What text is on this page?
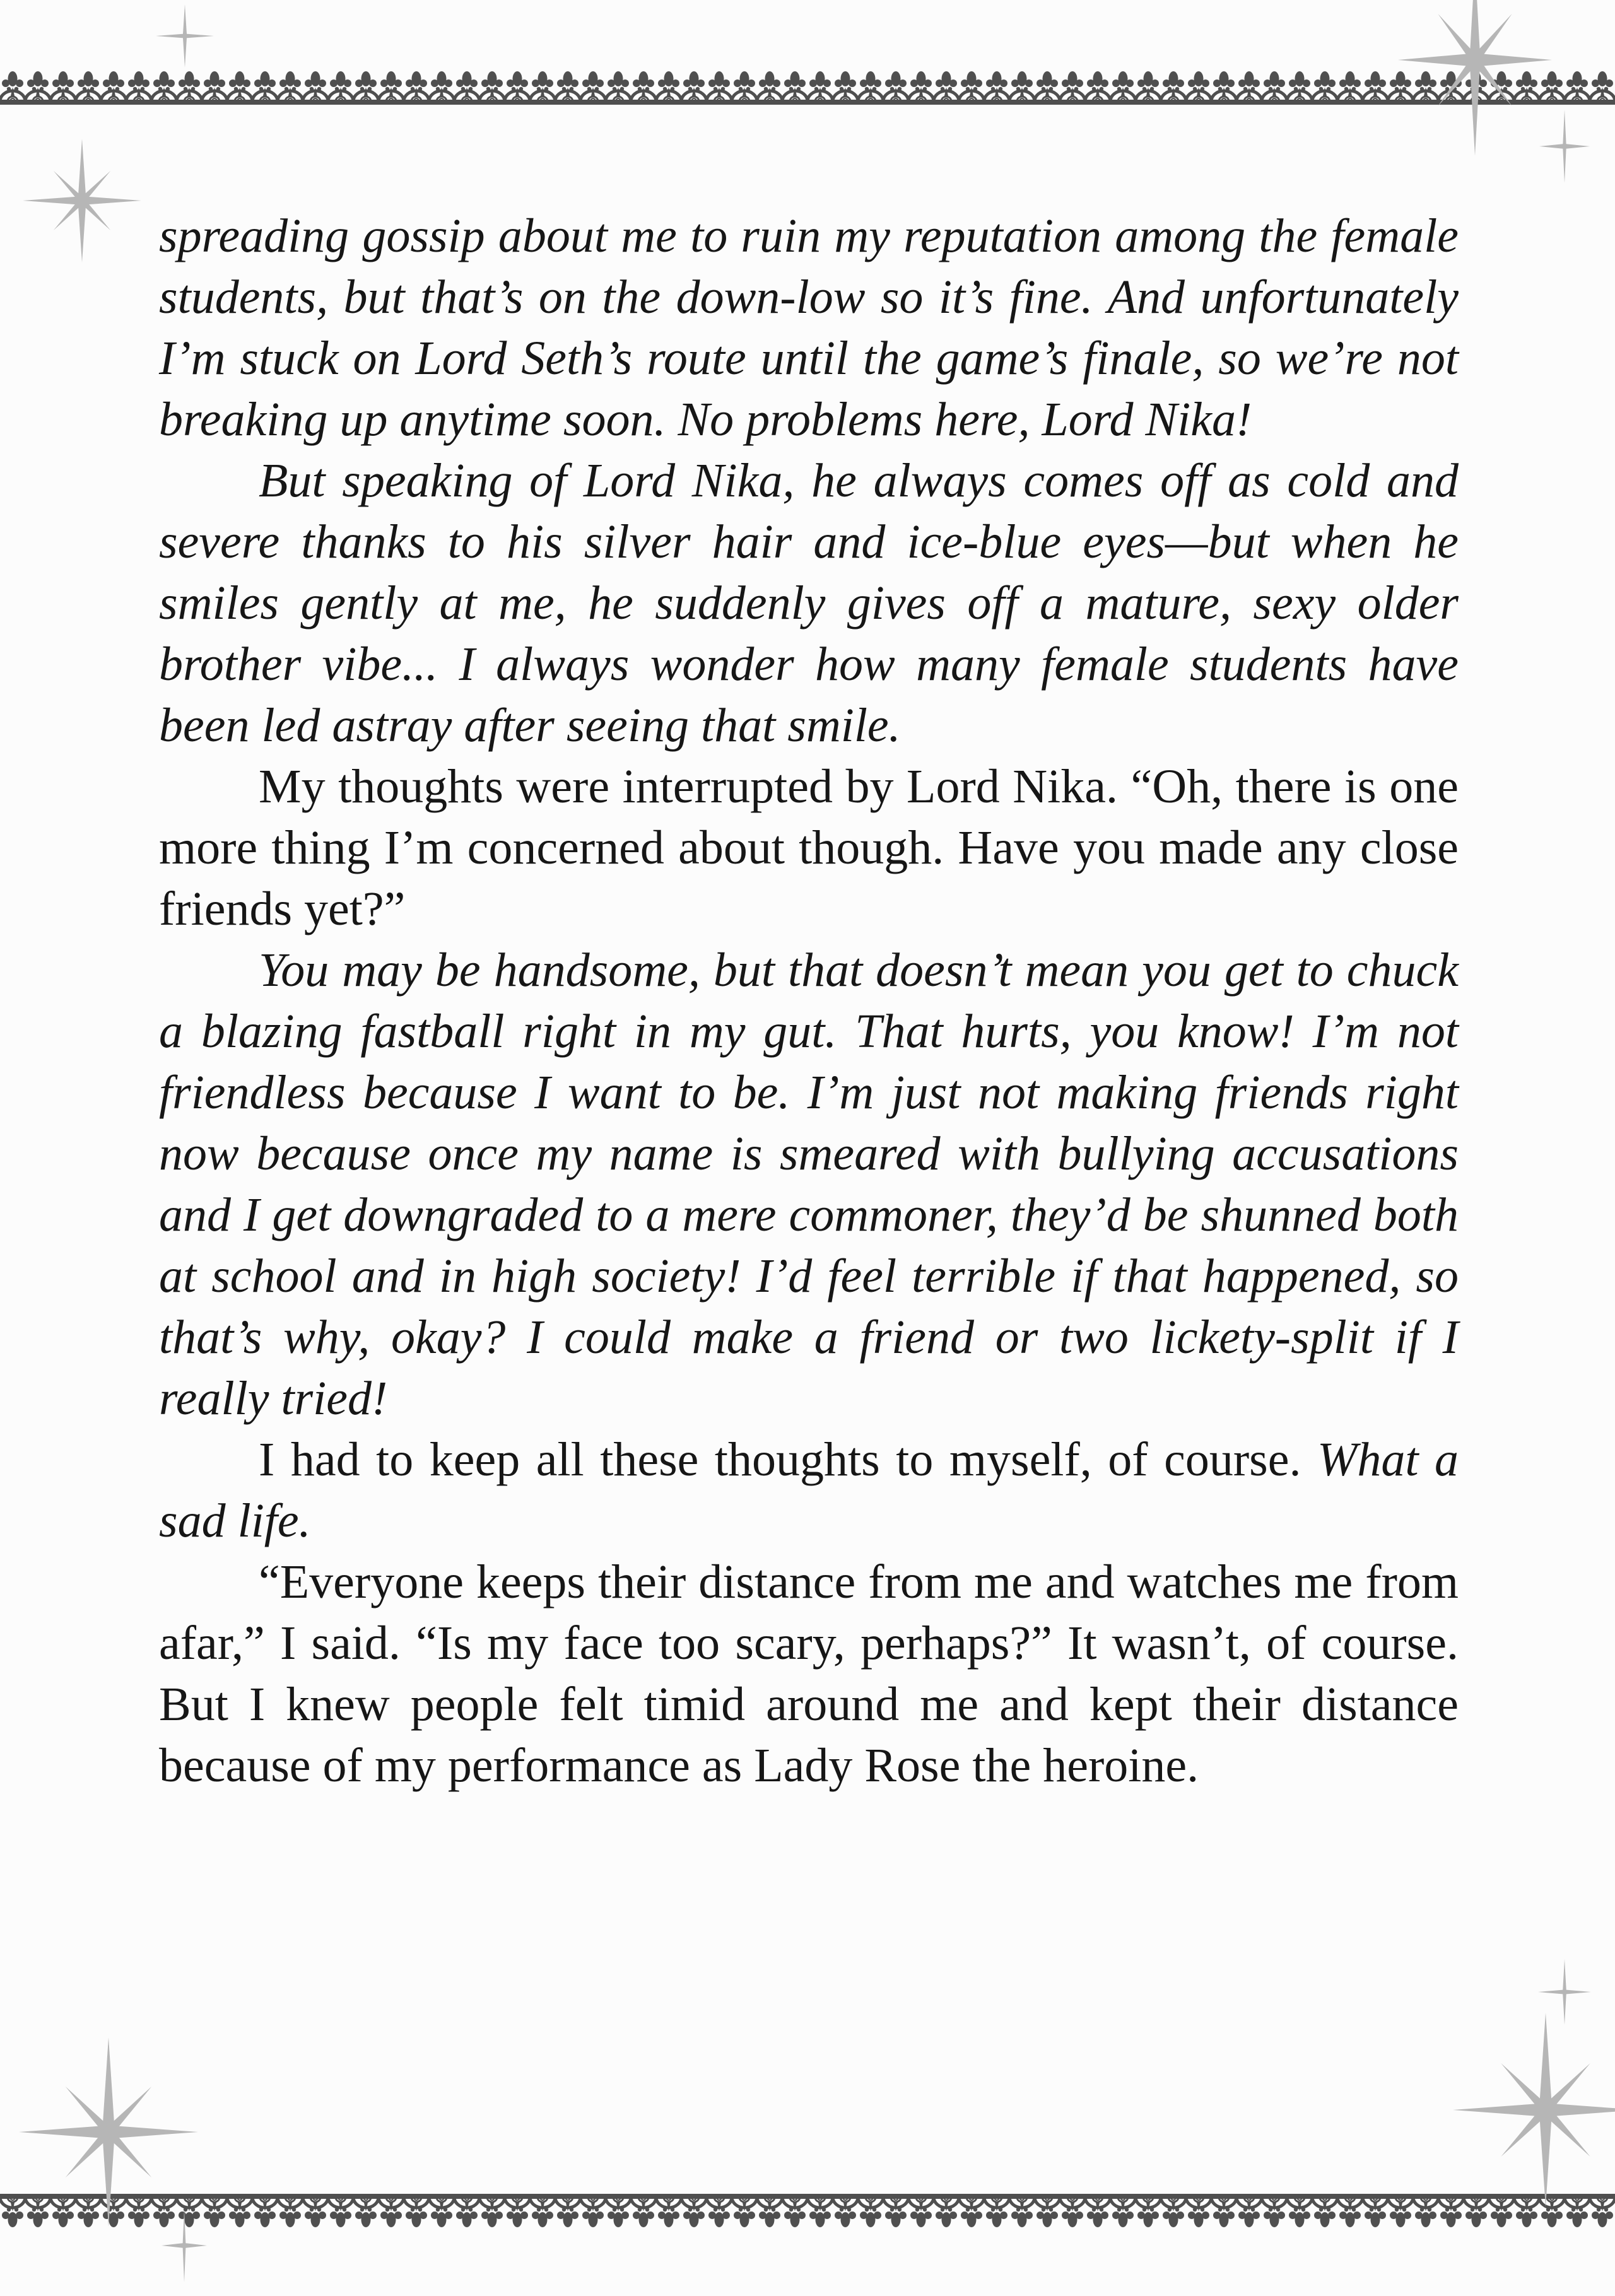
spreading gossip about me to ruin my reputation among the female students, but that’s on the down-low so it’s fine. And unfortunately I’m stuck on Lord Seth’s route until the game’s finale, so we’re not breaking up anytime soon. No problems here, Lord Nika!

But speaking of Lord Nika, he always comes off as cold and severe thanks to his silver hair and ice-blue eyes—but when he smiles gently at me, he suddenly gives off a mature, sexy older brother vibe... I always wonder how many female students have been led astray after seeing that smile.

My thoughts were interrupted by Lord Nika. “Oh, there is one more thing I’m concerned about though. Have you made any close friends yet?”

You may be handsome, but that doesn’t mean you get to chuck a blazing fastball right in my gut. That hurts, you know! I’m not friendless because I want to be. I’m just not making friends right now because once my name is smeared with bullying accusations and I get downgraded to a mere commoner, they’d be shunned both at school and in high society! I’d feel terrible if that happened, so that’s why, okay? I could make a friend or two lickety-split if I really tried!

I had to keep all these thoughts to myself, of course. What a sad life.

“Everyone keeps their distance from me and watches me from afar,” I said. “Is my face too scary, perhaps?” It wasn’t, of course. But I knew people felt timid around me and kept their distance because of my performance as Lady Rose the heroine.
